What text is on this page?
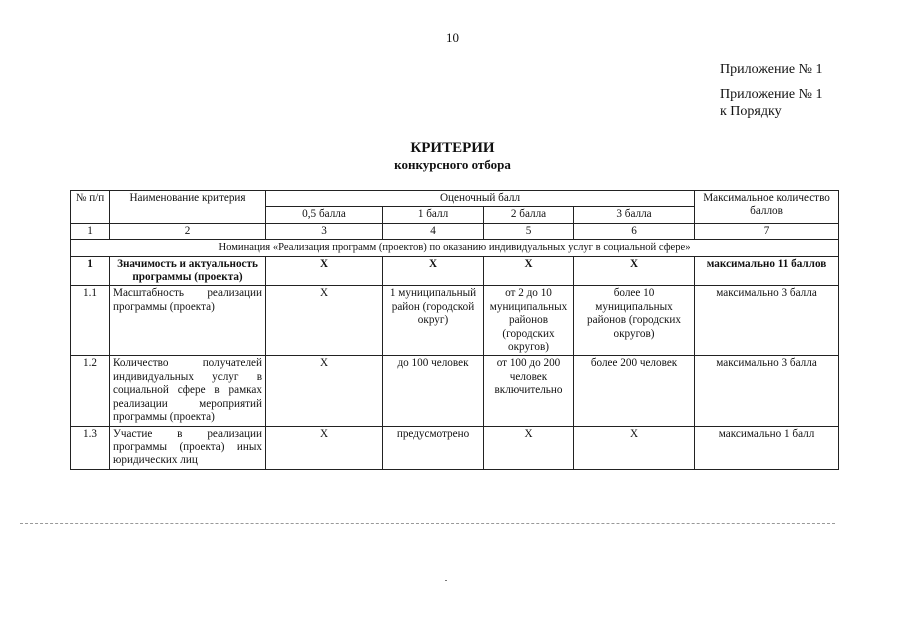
10
Приложение № 1
Приложение № 1
к Порядку
КРИТЕРИИ
конкурсного отбора
№ п/п	Наименование критерия	Оценочный балл				Максимальное количество баллов
		0,5 балла	1 балл	2 балла	3 балла	
1	2	3	4	5	6	7
Номинация «Реализация программ (проектов) по оказанию индивидуальных услуг в социальной сфере»						
1	Значимость и актуальность программы (проекта)	Х	Х	Х	Х	максимально 11 баллов
1.1	Масштабность реализации программы (проекта)	Х	1 муниципальный район (городской округ)	от 2 до 10 муниципальных районов (городских округов)	более 10 муниципальных районов (городских округов)	максимально 3 балла
1.2	Количество получателей индивидуальных услуг в социальной сфере в рамках реализации мероприятий программы (проекта)	Х	до 100 человек	от 100 до 200 человек включительно	более 200 человек	максимально 3 балла
1.3	Участие в реализации программы (проекта) иных юридических лиц	Х	предусмотрено	Х	Х	максимально 1 балл
